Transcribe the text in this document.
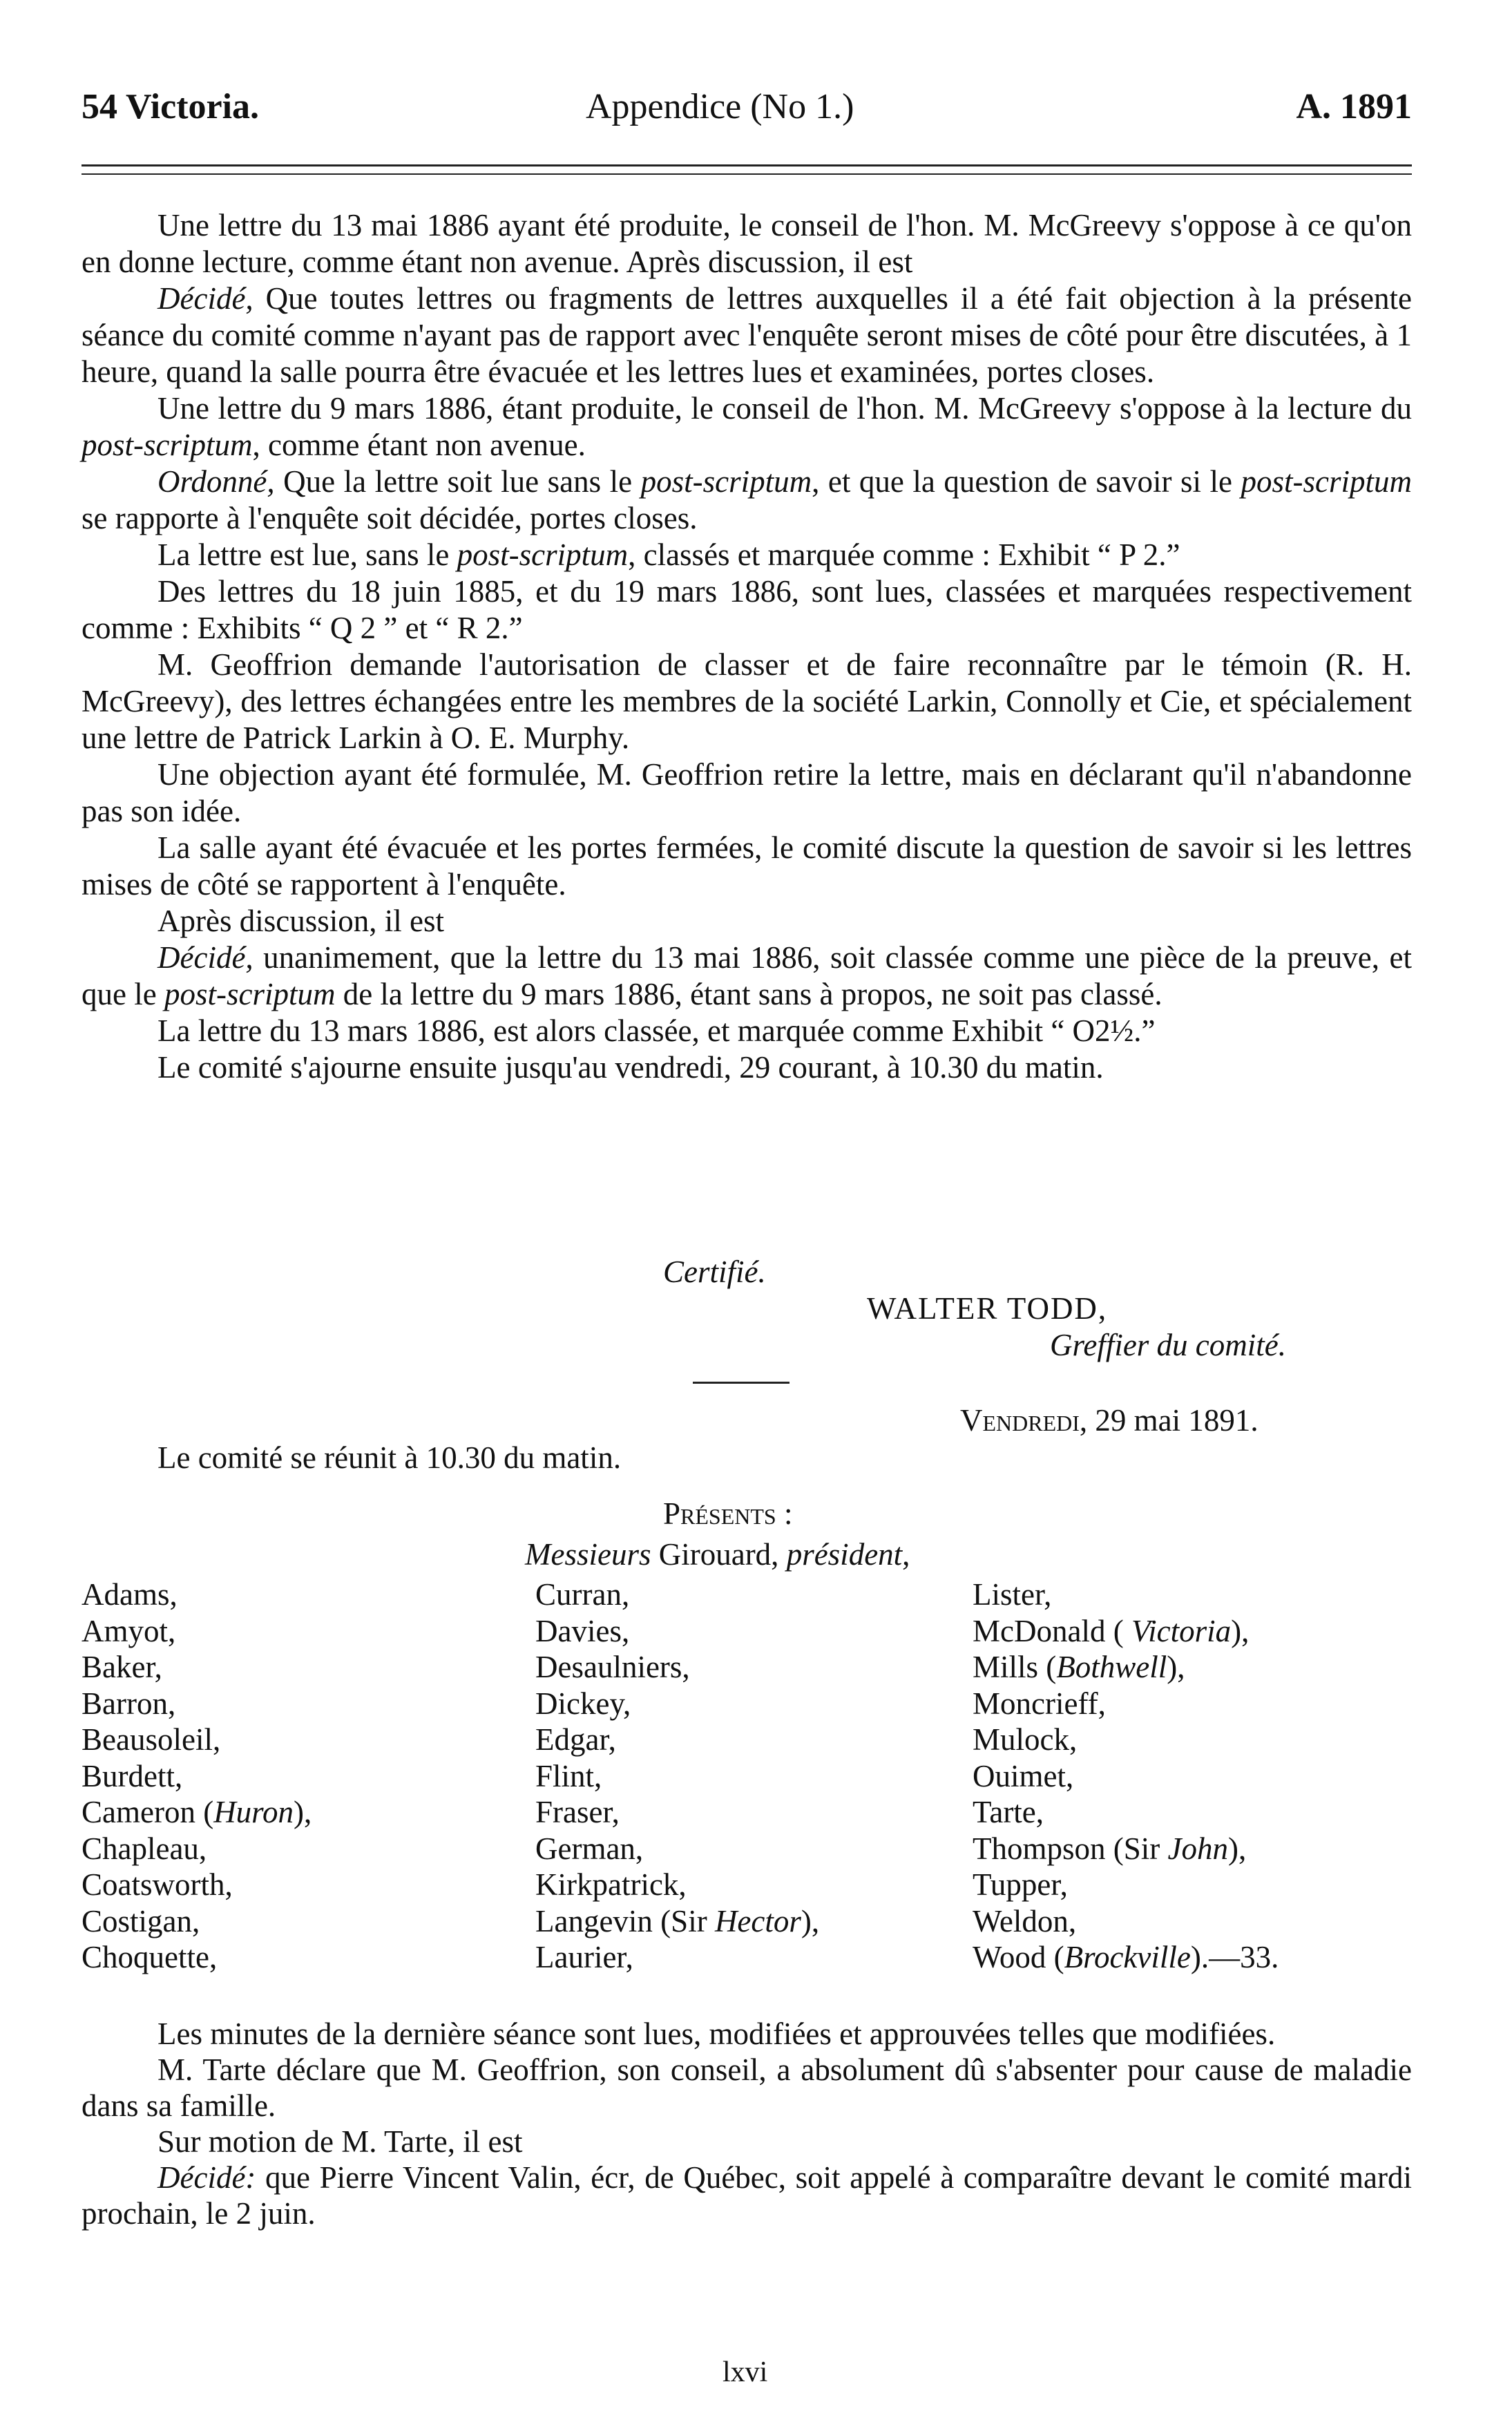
54 Victoria.	Appendice (No 1.)	A. 1891

Une lettre du 13 mai 1886 ayant été produite, le conseil de l'hon. M. McGreevy s'oppose à ce qu'on en donne lecture, comme étant non avenue. Après discussion, il est

Décidé, Que toutes lettres ou fragments de lettres auxquelles il a été fait objection à la présente séance du comité comme n'ayant pas de rapport avec l'enquête seront mises de côté pour être discutées, à 1 heure, quand la salle pourra être évacuée et les lettres lues et examinées, portes closes.

Une lettre du 9 mars 1886, étant produite, le conseil de l'hon. M. McGreevy s'oppose à la lecture du post-scriptum, comme étant non avenue.

Ordonné, Que la lettre soit lue sans le post-scriptum, et que la question de savoir si le post-scriptum se rapporte à l'enquête soit décidée, portes closes.

La lettre est lue, sans le post-scriptum, classés et marquée comme : Exhibit “ P 2.”

Des lettres du 18 juin 1885, et du 19 mars 1886, sont lues, classées et marquées respectivement comme : Exhibits “ Q 2 ” et “ R 2.”

M. Geoffrion demande l'autorisation de classer et de faire reconnaître par le témoin (R. H. McGreevy), des lettres échangées entre les membres de la société Larkin, Connolly et Cie, et spécialement une lettre de Patrick Larkin à O. E. Murphy.

Une objection ayant été formulée, M. Geoffrion retire la lettre, mais en déclarant qu'il n'abandonne pas son idée.

La salle ayant été évacuée et les portes fermées, le comité discute la question de savoir si les lettres mises de côté se rapportent à l'enquête.

Après discussion, il est

Décidé, unanimement, que la lettre du 13 mai 1886, soit classée comme une pièce de la preuve, et que le post-scriptum de la lettre du 9 mars 1886, étant sans à propos, ne soit pas classé.

La lettre du 13 mars 1886, est alors classée, et marquée comme Exhibit “ O2½.”

Le comité s'ajourne ensuite jusqu'au vendredi, 29 courant, à 10.30 du matin.

Certifié.
WALTER TODD,
Greffier du comité.
Vendredi, 29 mai 1891.
Le comité se réunit à 10.30 du matin.
Présents :
Messieurs Girouard, président,
Adams,
Amyot,
Baker,
Barron,
Beausoleil,
Burdett,
Cameron (Huron),
Chapleau,
Coatsworth,
Costigan,
Choquette,
Curran,
Davies,
Desaulniers,
Dickey,
Edgar,
Flint,
Fraser,
German,
Kirkpatrick,
Langevin (Sir Hector),
Laurier,
Lister,
McDonald ( Victoria),
Mills (Bothwell),
Moncrieff,
Mulock,
Ouimet,
Tarte,
Thompson (Sir John),
Tupper,
Weldon,
Wood (Brockville).—33.

Les minutes de la dernière séance sont lues, modifiées et approuvées telles que modifiées.

M. Tarte déclare que M. Geoffrion, son conseil, a absolument dû s'absenter pour cause de maladie dans sa famille.

Sur motion de M. Tarte, il est

Décidé: que Pierre Vincent Valin, écr, de Québec, soit appelé à comparaître devant le comité mardi prochain, le 2 juin.

lxvi
